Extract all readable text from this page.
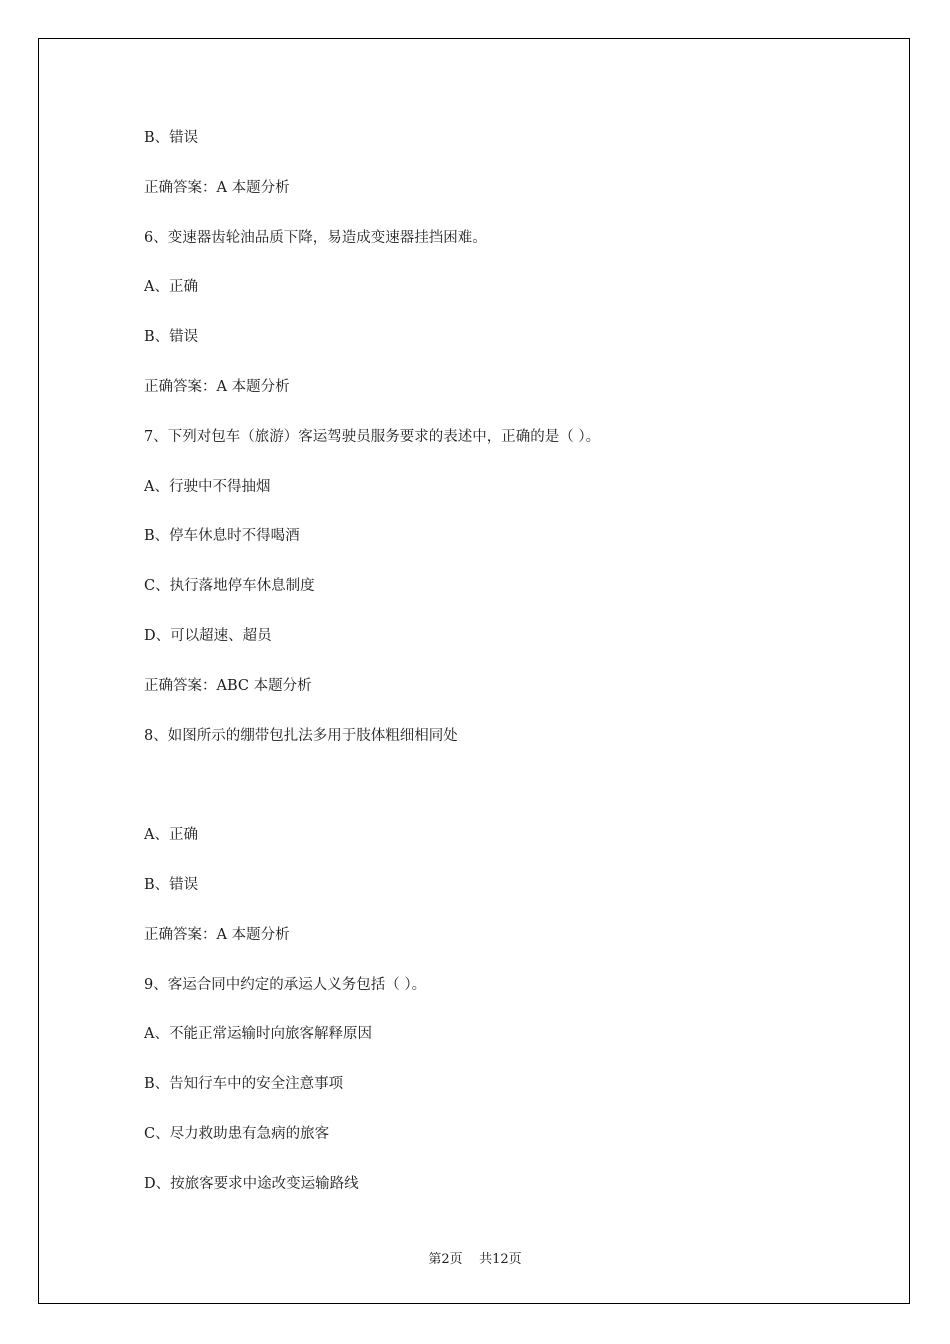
B、错误
正确答案：A 本题分析
6、变速器齿轮油品质下降，易造成变速器挂挡困难。
A、正确
B、错误
正确答案：A 本题分析
7、下列对包车（旅游）客运驾驶员服务要求的表述中，正确的是（ ）。
A、行驶中不得抽烟
B、停车休息时不得喝酒
C、执行落地停车休息制度
D、可以超速、超员
正确答案：ABC 本题分析
8、如图所示的绷带包扎法多用于肢体粗细相同处
A、正确
B、错误
正确答案：A 本题分析
9、客运合同中约定的承运人义务包括（ ）。
A、不能正常运输时向旅客解释原因
B、告知行车中的安全注意事项
C、尽力救助患有急病的旅客
D、按旅客要求中途改变运输路线
第2页    共12页
